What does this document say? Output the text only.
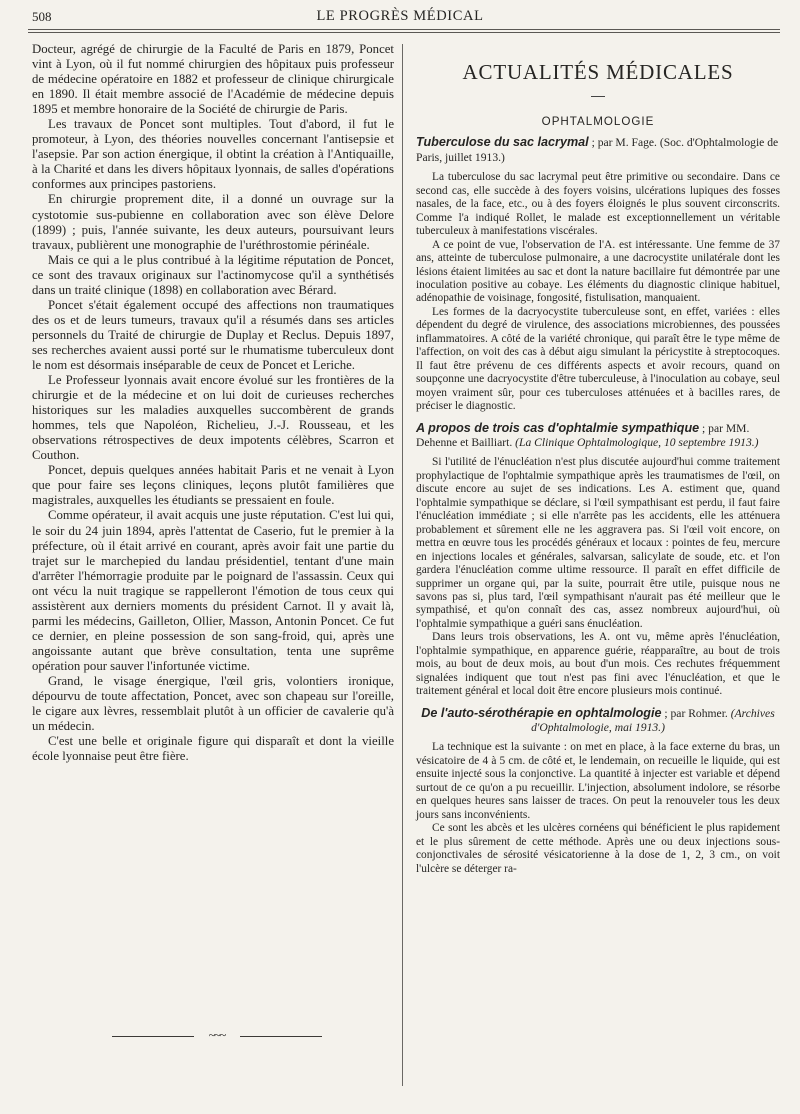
508	LE PROGRÈS MÉDICAL

Docteur, agrégé de chirurgie de la Faculté de Paris en 1879, Poncet vint à Lyon, où il fut nommé chirurgien des hôpitaux puis professeur de médecine opératoire en 1882 et professeur de clinique chirurgicale en 1890. Il était membre associé de l'Académie de médecine depuis 1895 et membre honoraire de la Société de chirurgie de Paris.

Les travaux de Poncet sont multiples. Tout d'abord, il fut le promoteur, à Lyon, des théories nouvelles concernant l'antisepsie et l'asepsie. Par son action énergique, il obtint la création à l'Antiquaille, à la Charité et dans les divers hôpitaux lyonnais, de salles d'opérations conformes aux principes pastoriens.

En chirurgie proprement dite, il a donné un ouvrage sur la cystotomie sus-pubienne en collaboration avec son élève Delore (1899) ; puis, l'année suivante, les deux auteurs, poursuivant leurs travaux, publièrent une monographie de l'uréthrostomie périnéale.

Mais ce qui a le plus contribué à la légitime réputation de Poncet, ce sont des travaux originaux sur l'actinomycose qu'il a synthétisés dans un traité clinique (1898) en collaboration avec Bérard.

Poncet s'était également occupé des affections non traumatiques des os et de leurs tumeurs, travaux qu'il a résumés dans ses articles personnels du Traité de chirurgie de Duplay et Reclus. Depuis 1897, ses recherches avaient aussi porté sur le rhumatisme tuberculeux dont le nom est désormais inséparable de ceux de Poncet et Leriche.

Le Professeur lyonnais avait encore évolué sur les frontières de la chirurgie et de la médecine et on lui doit de curieuses recherches historiques sur les maladies auxquelles succombèrent de grands hommes, tels que Napoléon, Richelieu, J.-J. Rousseau, et les observations rétrospectives de deux impotents célèbres, Scarron et Couthon.

Poncet, depuis quelques années habitait Paris et ne venait à Lyon que pour faire ses leçons cliniques, leçons plutôt familières que magistrales, auxquelles les étudiants se pressaient en foule.

Comme opérateur, il avait acquis une juste réputation. C'est lui qui, le soir du 24 juin 1894, après l'attentat de Caserio, fut le premier à la préfecture, où il était arrivé en courant, après avoir fait une partie du trajet sur le marchepied du landau présidentiel, tentant d'une main d'arrêter l'hémorragie produite par le poignard de l'assassin. Ceux qui ont vécu la nuit tragique se rappelleront l'émotion de tous ceux qui assistèrent aux derniers moments du président Carnot. Il y avait là, parmi les médecins, Gailleton, Ollier, Masson, Antonin Poncet. Ce fut ce dernier, en pleine possession de son sang-froid, qui, après une angoissante autant que brève consultation, tenta une suprême opération pour sauver l'infortunée victime.

Grand, le visage énergique, l'œil gris, volontiers ironique, dépourvu de toute affectation, Poncet, avec son chapeau sur l'oreille, le cigare aux lèvres, ressemblait plutôt à un officier de cavalerie qu'à un médecin.

C'est une belle et originale figure qui disparaît et dont la vieille école lyonnaise peut être fière.

~~~
ACTUALITÉS MÉDICALES
OPHTALMOLOGIE
Tuberculose du sac lacrymal ; par M. Fage. (Soc. d'Ophtalmologie de Paris, juillet 1913.)

La tuberculose du sac lacrymal peut être primitive ou secondaire. Dans ce second cas, elle succède à des foyers voisins, ulcérations lupiques des fosses nasales, de la face, etc., ou à des foyers éloignés le plus souvent circonscrits. Comme l'a indiqué Rollet, le malade est exceptionnellement un véritable tuberculeux à manifestations viscérales.

A ce point de vue, l'observation de l'A. est intéressante. Une femme de 37 ans, atteinte de tuberculose pulmonaire, a une dacrocystite unilatérale dont les lésions étaient limitées au sac et dont la nature bacillaire fut démontrée par une inoculation positive au cobaye. Les éléments du diagnostic clinique habituel, adénopathie de voisinage, fongosité, fistulisation, manquaient.

Les formes de la dacryocystite tuberculeuse sont, en effet, variées : elles dépendent du degré de virulence, des associations microbiennes, des poussées inflammatoires. A côté de la variété chronique, qui paraît être le type même de l'affection, on voit des cas à début aigu simulant la péricystite à streptocoques. Il faut être prévenu de ces différents aspects et avoir recours, quand on soupçonne une dacryocystite d'être tuberculeuse, à l'inoculation au cobaye, seul moyen vraiment sûr, pour ces tuberculoses atténuées et à bacilles rares, de préciser le diagnostic.

A propos de trois cas d'ophtalmie sympathique ; par MM. Dehenne et Bailliart. (La Clinique Ophtalmologique, 10 septembre 1913.)

Si l'utilité de l'énucléation n'est plus discutée aujourd'hui comme traitement prophylactique de l'ophtalmie sympathique après les traumatismes de l'œil, on discute encore au sujet de ses indications. Les A. estiment que, quand l'ophtalmie sympathique se déclare, si l'œil sympathisant est perdu, il faut faire l'énucléation immédiate ; si elle n'arrête pas les accidents, elle les atténuera probablement et sûrement elle ne les aggravera pas. Si l'œil voit encore, on mettra en œuvre tous les procédés généraux et locaux : pointes de feu, mercure en injections locales et générales, salvarsan, salicylate de soude, etc. et l'on gardera l'énucléation comme ultime ressource. Il paraît en effet difficile de supprimer un organe qui, par la suite, pourrait être utile, puisque nous ne savons pas si, plus tard, l'œil sympathisant n'aurait pas été meilleur que le sympathisé, et qu'on connaît des cas, assez nombreux aujourd'hui, où l'ophtalmie sympathique a guéri sans énucléation.

Dans leurs trois observations, les A. ont vu, même après l'énucléation, l'ophtalmie sympathique, en apparence guérie, réapparaître, au bout de trois mois, au bout de deux mois, au bout d'un mois. Ces rechutes fréquemment signalées indiquent que tout n'est pas fini avec l'énucléation, et que le traitement général et local doit être encore plusieurs mois continué.

De l'auto-sérothérapie en ophtalmologie ; par Rohmer. (Archives d'Ophtalmologie, mai 1913.)

La technique est la suivante : on met en place, à la face externe du bras, un vésicatoire de 4 à 5 cm. de côté et, le lendemain, on recueille le liquide, qui est ensuite injecté sous la conjonctive. La quantité à injecter est variable et dépend surtout de ce qu'on a pu recueillir. L'injection, absolument indolore, se résorbe en quelques heures sans laisser de traces. On peut la renouveler tous les deux jours sans inconvénients.

Ce sont les abcès et les ulcères cornéens qui bénéficient le plus rapidement et le plus sûrement de cette méthode. Après une ou deux injections sous-conjonctivales de sérosité vésicatorienne à la dose de 1, 2, 3 cm., on voit l'ulcère se déterger ra-
